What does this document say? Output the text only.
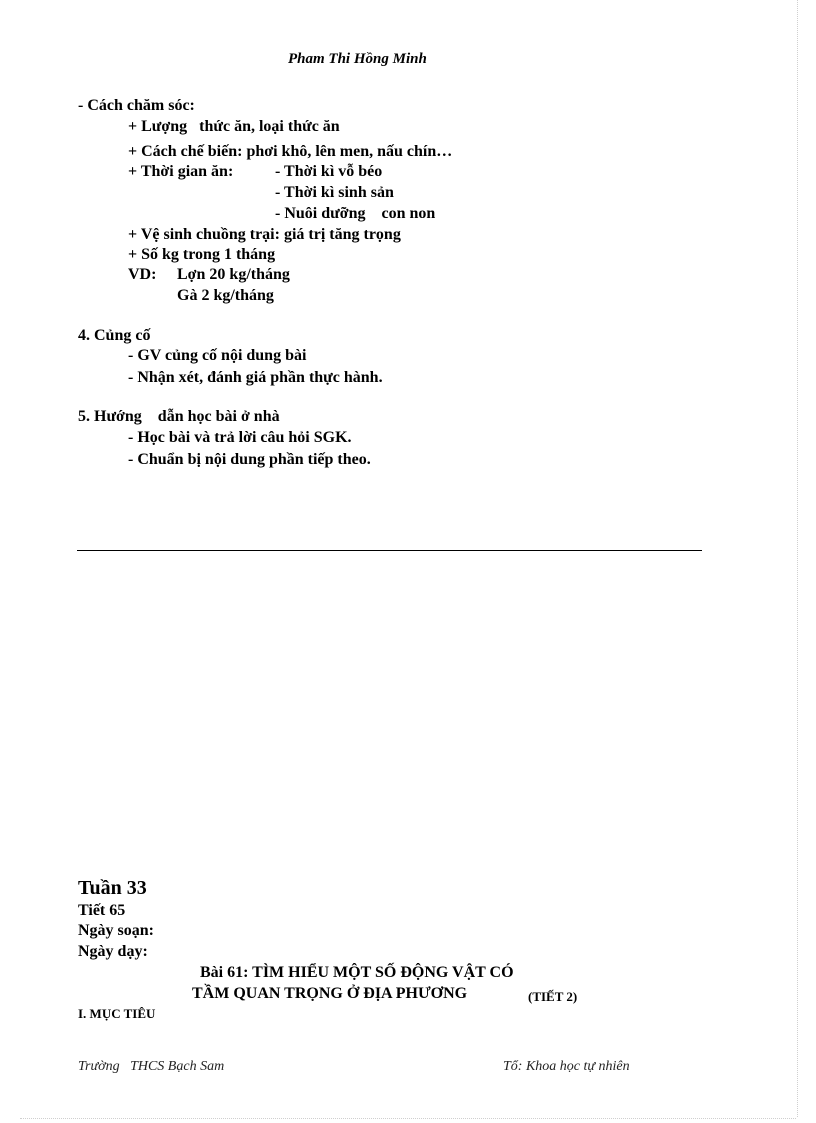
Pham Thi Hồng Minh
- Cách chăm sóc:
+ Lượng   thức ăn, loại thức ăn
+ Cách chế biến: phơi khô, lên men, nấu chín…
+ Thời gian ăn:	- Thời kì vỗ béo
- Thời kì sinh sản
- Nuôi dưỡng    con non
+ Vệ sinh chuồng trại: giá trị tăng trọng
+ Số kg trong 1 tháng
VD: Lợn 20 kg/tháng
Gà 2 kg/tháng
4. Củng cố
- GV củng cố nội dung bài
- Nhận xét, đánh giá phần thực hành.
5. Hướng    dẫn học bài ở nhà
- Học bài và trả lời câu hỏi SGK.
- Chuẩn bị nội dung phần tiếp theo.
Tuần 33
Tiết 65
Ngày soạn:
Ngày dạy:
Bài 61: TÌM HIỂU MỘT SỐ ĐỘNG VẬT CÓ
TẦM QUAN TRỌNG Ở ĐỊA PHƯƠNG	(TIẾT 2)
I. MỤC TIÊU
Trường   THCS Bạch Sam	Tổ: Khoa học tự nhiên
